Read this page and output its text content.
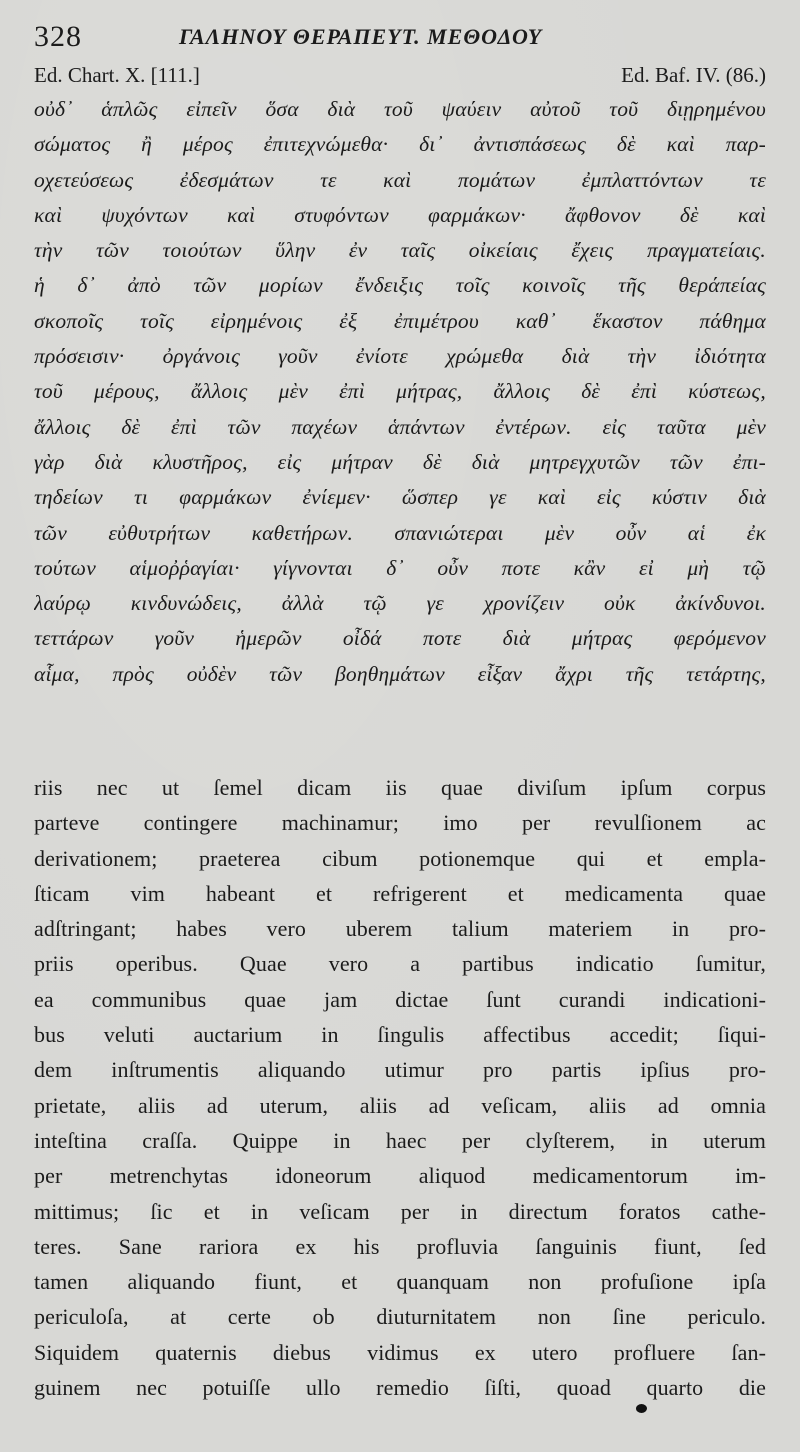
328	ΓΑΛΗΝΟΥ ΘΕΡΑΠΕΥΤ. ΜΕΘΟΔΟΥ
Ed. Chart. X. [111.]	Ed. Baf. IV. (86.)
οὐδ᾽ ἁπλῶς εἰπεῖν ὅσα διὰ τοῦ ψαύειν αὐτοῦ τοῦ διῃρημένου
σώματος ἢ μέρος ἐπιτεχνώμεθα· δι᾽ ἀντισπάσεως δὲ καὶ παρ-
οχετεύσεως ἐδεσμάτων τε καὶ πομάτων ἐμπλαττόντων τε
καὶ ψυχόντων καὶ στυφόντων φαρμάκων· ἄφθονον δὲ καὶ
τὴν τῶν τοιούτων ὕλην ἐν ταῖς οἰκείαις ἔχεις πραγματείαις.
ἡ δ᾽ ἀπὸ τῶν μορίων ἔνδειξις τοῖς κοινοῖς τῆς θεράπείας
σκοποῖς τοῖς εἰρημένοις ἐξ ἐπιμέτρου καθ᾽ ἕκαστον πάθημα
πρόσεισιν· ὀργάνοις γοῦν ἐνίοτε χρώμεθα διὰ τὴν ἰδιότητα
τοῦ μέρους, ἄλλοις μὲν ἐπὶ μήτρας, ἄλλοις δὲ ἐπὶ κύστεως,
ἄλλοις δὲ ἐπὶ τῶν παχέων ἁπάντων ἐντέρων. εἰς ταῦτα μὲν
γὰρ διὰ κλυστῆρος, εἰς μήτραν δὲ διὰ μητρεγχυτῶν τῶν ἐπι-
τηδείων τι φαρμάκων ἐνίεμεν· ὥσπερ γε καὶ εἰς κύστιν διὰ
τῶν εὐθυτρήτων καθετήρων. σπανιώτεραι μὲν οὖν αἱ ἐκ
τούτων αἱμοῤῥαγίαι· γίγνονται δ᾽ οὖν ποτε κἂν εἰ μὴ τῷ
λαύρῳ κινδυνώδεις, ἀλλὰ τῷ γε χρονίζειν οὐκ ἀκίνδυνοι.
τεττάρων γοῦν ἡμερῶν οἶδά ποτε διὰ μήτρας φερόμενον
αἷμα, πρὸς οὐδὲν τῶν βοηθημάτων εἶξαν ἄχρι τῆς τετάρτης,
riis nec ut ſemel dicam iis quae diviſum ipſum corpus
parteve contingere machinamur; imo per revulſionem ac
derivationem; praeterea cibum potionemque qui et empla-
ſticam vim habeant et refrigerent et medicamenta quae
adſtringant; habes vero uberem talium materiem in pro-
priis operibus. Quae vero a partibus indicatio ſumitur,
ea communibus quae jam dictae ſunt curandi indicationi-
bus veluti auctarium in ſingulis affectibus accedit; ſiqui-
dem inſtrumentis aliquando utimur pro partis ipſius pro-
prietate, aliis ad uterum, aliis ad veſicam, aliis ad omnia
inteſtina craſſa. Quippe in haec per clyſterem, in uterum
per metrenchytas idoneorum aliquod medicamentorum im-
mittimus; ſic et in veſicam per in directum foratos cathe-
teres. Sane rariora ex his profluvia ſanguinis fiunt, ſed
tamen aliquando fiunt, et quanquam non profuſione ipſa
periculoſa, at certe ob diuturnitatem non ſine periculo.
Siquidem quaternis diebus vidimus ex utero profluere ſan-
guinem nec potuiſſe ullo remedio ſiſti, quoad quarto die
